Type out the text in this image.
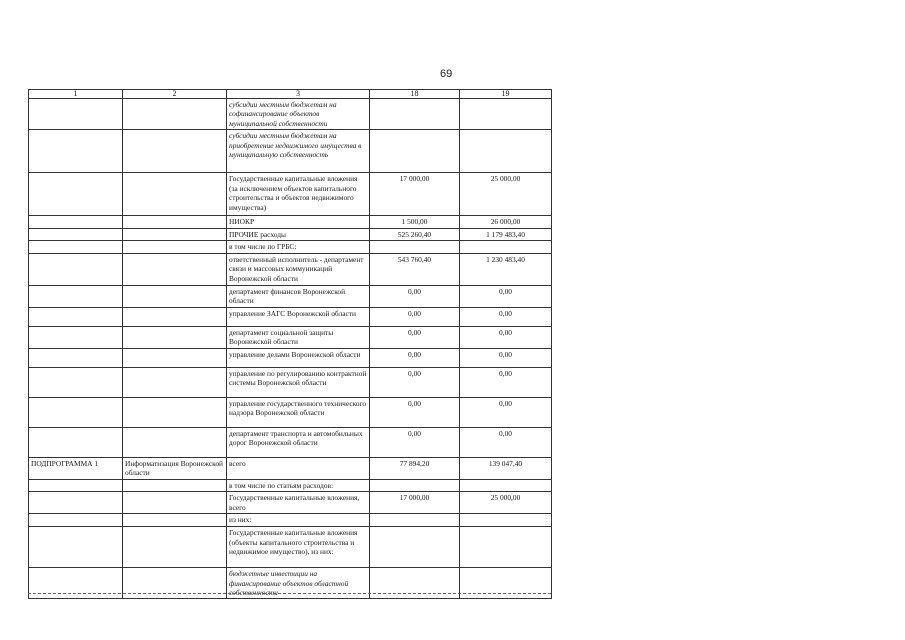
69
1	2	3	18	19
		субсидии местным бюджетам на софинансирование объектов муниципальной собственности		
		субсидии местным бюджетам на приобретение недвижимого имущества в муниципальную собственность		
		Государственные капитальные вложения (за исключением объектов капитального строительства и объектов недвижимого имущества)	17 000,00	25 000,00
		НИОКР	1 500,00	26 000,00
		ПРОЧИЕ расходы	525 260,40	1 179 483,40
		в том числе по ГРБС:		
		ответственный исполнитель - департамент связи и массовых коммуникаций Воронежской области	543 760,40	1 230 483,40
		департамент финансов Воронежской области	0,00	0,00
		управление ЗАГС Воронежской области	0,00	0,00
		департамент социальной защиты Воронежской области	0,00	0,00
		управление делами Воронежской области	0,00	0,00
		управление по регулированию контрактной системы Воронежской области	0,00	0,00
		управление государственного технического надзора Воронежской области	0,00	0,00
		департамент транспорта и автомобильных дорог Воронежской области	0,00	0,00
ПОДПРОГРАММА 1	Информатизация Воронежской области	всего	77 894,20	139 047,40
		в том числе по статьям расходов:		
		Государственные капитальные вложения, всего	17 000,00	25 000,00
		из них:		
		Государственные капитальные вложения (объекты капитального строительства и недвижимое имущество), из них:		
		бюджетные инвестиции на финансирование объектов областной собственности		
